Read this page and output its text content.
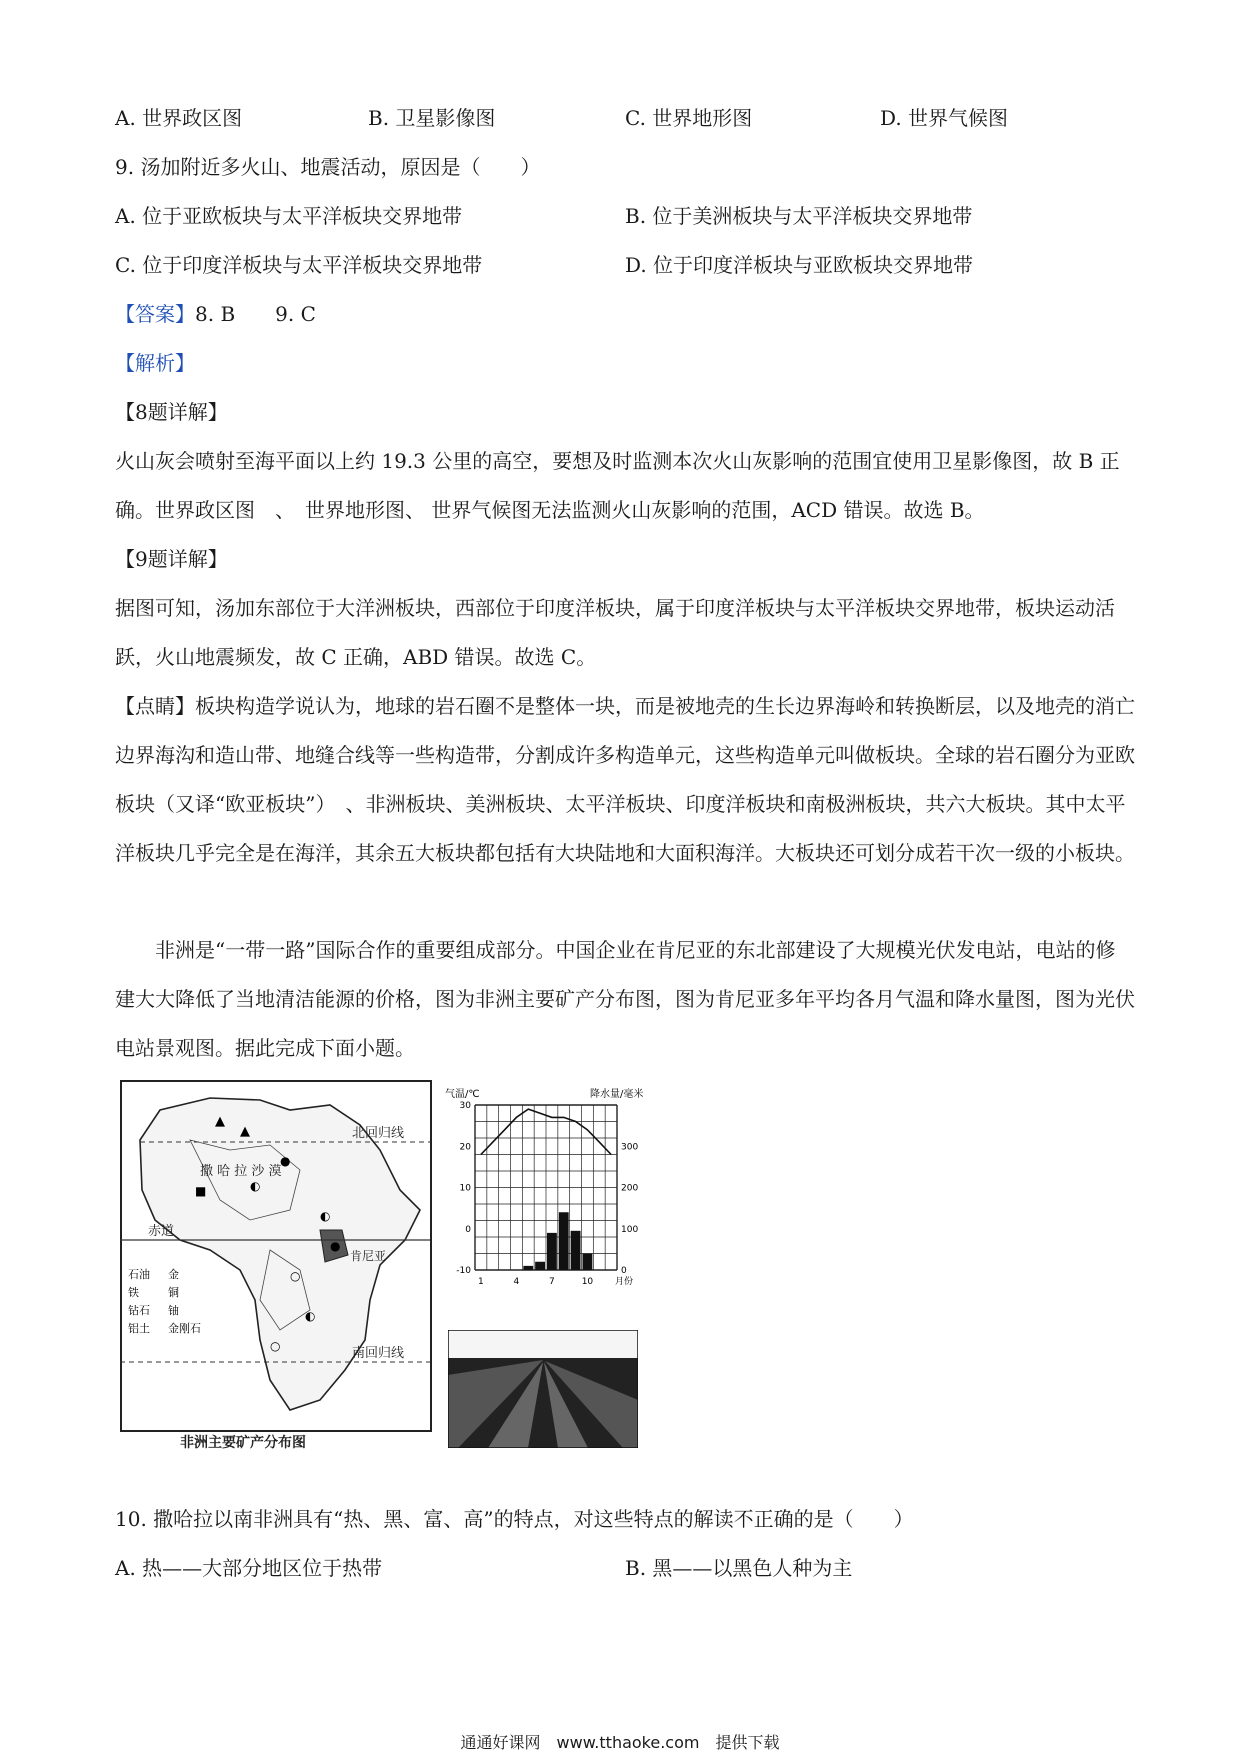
A. 世界政区图	B. 卫星影像图	C. 世界地形图	D. 世界气候图
9. 汤加附近多火山、地震活动，原因是（　　）
A. 位于亚欧板块与太平洋板块交界地带	B. 位于美洲板块与太平洋板块交界地带
C. 位于印度洋板块与太平洋板块交界地带	D. 位于印度洋板块与亚欧板块交界地带
【答案】8. B　　9. C
【解析】
【8题详解】
火山灰会喷射至海平面以上约 19.3 公里的高空，要想及时监测本次火山灰影响的范围宜使用卫星影像图，故 B 正确。世界政区图　、　世界地形图、 世界气候图无法监测火山灰影响的范围，ACD 错误。故选 B。
【9题详解】
据图可知，汤加东部位于大洋洲板块，西部位于印度洋板块，属于印度洋板块与太平洋板块交界地带，板块运动活跃，火山地震频发，故 C 正确，ABD 错误。故选 C。
【点睛】板块构造学说认为，地球的岩石圈不是整体一块，而是被地壳的生长边界海岭和转换断层，以及地壳的消亡边界海沟和造山带、地缝合线等一些构造带，分割成许多构造单元，这些构造单元叫做板块。全球的岩石圈分为亚欧板块（又译“欧亚板块”）　、非洲板块、美洲板块、太平洋板块、印度洋板块和南极洲板块，共六大板块。其中太平洋板块几乎完全是在海洋，其余五大板块都包括有大块陆地和大面积海洋。大板块还可划分成若干次一级的小板块。
非洲是“一带一路”国际合作的重要组成部分。中国企业在肯尼亚的东北部建设了大规模光伏发电站，电站的修建大大降低了当地清洁能源的价格，图为非洲主要矿产分布图，图为肯尼亚多年平均各月气温和降水量图，图为光伏电站景观图。据此完成下面小题。
北回归线
赤道
南回归线
肯尼亚
撒 哈 拉 沙 漠
▲
▲
●
◐
◐
○
◐
○
●
■
石油 金
铁	铜
钻石 铀
铝土 金刚石
非洲主要矿产分布图
气温/℃	降水量/毫米
30
20
10
0
-10
300
200
100
0
1	4	7	10 月份
10. 撒哈拉以南非洲具有“热、黑、富、高”的特点，对这些特点的解读不正确的是（　　）
A. 热——大部分地区位于热带	B. 黑——以黑色人种为主
通通好课网　www.tthaoke.com　提供下载
